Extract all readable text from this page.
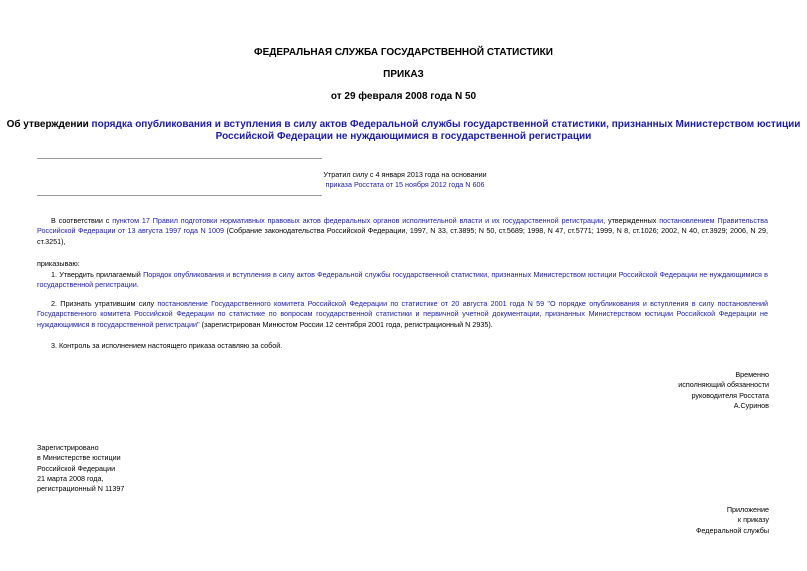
ФЕДЕРАЛЬНАЯ СЛУЖБА ГОСУДАРСТВЕННОЙ СТАТИСТИКИ
ПРИКАЗ
от 29 февраля 2008 года N 50
Об утверждении порядка опубликования и вступления в силу актов Федеральной службы государственной статистики, признанных Министерством юстиции
Российской Федерации не нуждающимися в государственной регистрации
Утратил силу с 4 января 2013 года на основании
приказа Росстата от 15 ноября 2012 года N 606
В соответствии с пунктом 17 Правил подготовки нормативных правовых актов федеральных органов исполнительной власти и их государственной регистрации, утвержденных постановлением Правительства Российской Федерации от 13 августа 1997 года N 1009 (Собрание законодательства Российской Федерации, 1997, N 33, ст.3895; N 50, ст.5689; 1998, N 47, ст.5771; 1999, N 8, ст.1026; 2002, N 40, ст.3929; 2006, N 29, ст.3251),
приказываю:
1. Утвердить прилагаемый Порядок опубликования и вступления в силу актов Федеральной службы государственной статистики, признанных Министерством юстиции Российской Федерации не нуждающимися в государственной регистрации.
2. Признать утратившим силу постановление Государственного комитета Российской Федерации по статистике от 20 августа 2001 года N 59 "О порядке опубликования и вступления в силу постановлений Государственного комитета Российской Федерации по статистике по вопросам государственной статистики и первичной учетной документации, признанных Министерством юстиции Российской Федерации не нуждающимися в государственной регистрации" (зарегистрирован Минюстом России 12 сентября 2001 года, регистрационный N 2935).
3. Контроль за исполнением настоящего приказа оставляю за собой.
Временно
исполняющий обязанности
руководителя Росстата
А.Суринов
Зарегистрировано
в Министерстве юстиции
Российской Федерации
21 марта 2008 года,
регистрационный N 11397
Приложение
к приказу
Федеральной службы
